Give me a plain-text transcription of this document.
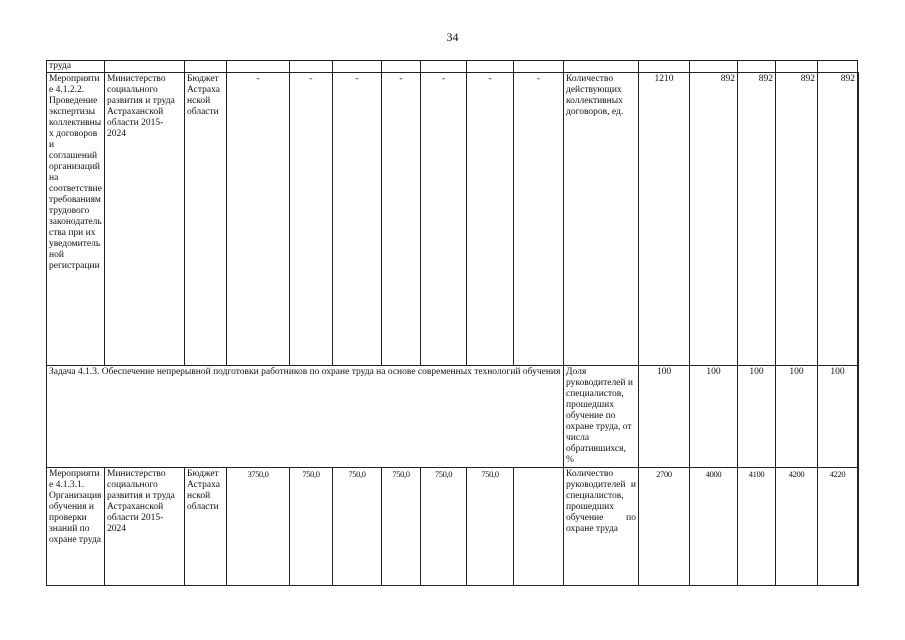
34
труда																
Мероприятие 4.1.2.2. Проведение экспертизы коллективных договоров и соглашений организаций на соответствие требованиям трудового законодательства при их уведомительной регистрации	Министерство социального развития и труда Астраханской области 2015-2024	Бюджет Астраханской области	-	-	-	-	-	-	-	Количество действующих коллективных договоров, ед.	1210	892	892	892	892	
Задача 4.1.3. Обеспечение непрерывной подготовки работников по охране труда на основе современных технологий обучения										Доля руководителей и специалистов, прошедших обучение по охране труда, от числа обратившихся, %	100	100	100	100	100	
Мероприятие 4.1.3.1. Организация обучения и проверки знаний по охране труда	Министерство социального развития и труда Астраханской области 2015-2024	Бюджет Астраханской области	3750,0	750,0	750,0	750,0	750,0	750,0		Количество руководителей и специалистов, прошедших обучение по охране труда	2700	4000	4100	4200	4220	
